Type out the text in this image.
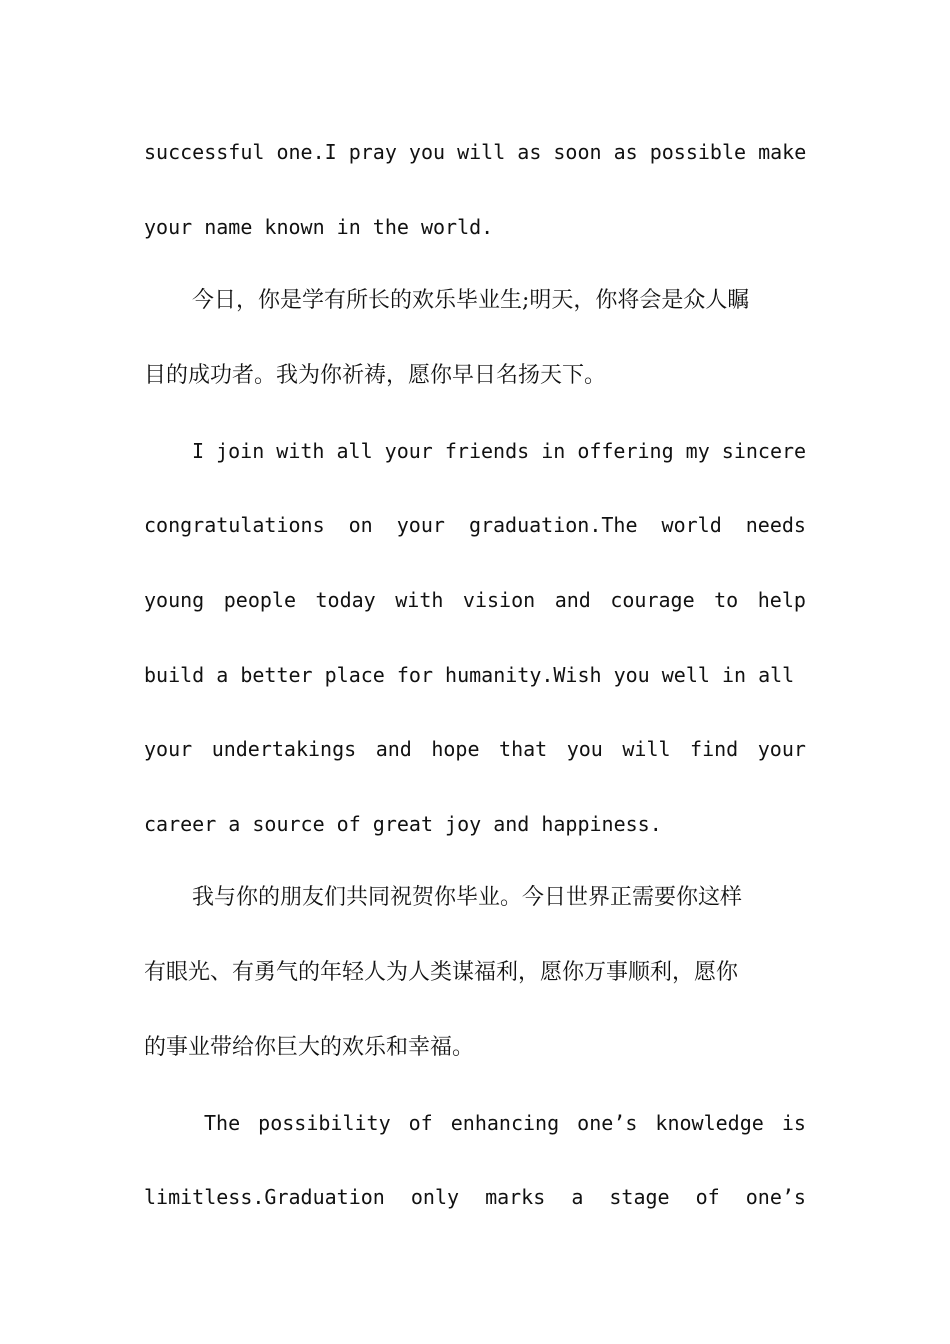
successful one.I pray you will as soon as possible make
your name known in the world.
今日，你是学有所长的欢乐毕业生;明天，你将会是众人瞩
目的成功者。我为你祈祷，愿你早日名扬天下。
I join with all your friends in offering my sincere
congratulations on your graduation.The world needs
young people today with vision and courage to help
build a better place for humanity.Wish you well in all
your undertakings and hope that you will find your
career a source of great joy and happiness.
我与你的朋友们共同祝贺你毕业。今日世界正需要你这样
有眼光、有勇气的年轻人为人类谋福利，愿你万事顺利，愿你
的事业带给你巨大的欢乐和幸福。
The possibility of enhancing one’s knowledge is
limitless.Graduation only marks a stage of one’s
